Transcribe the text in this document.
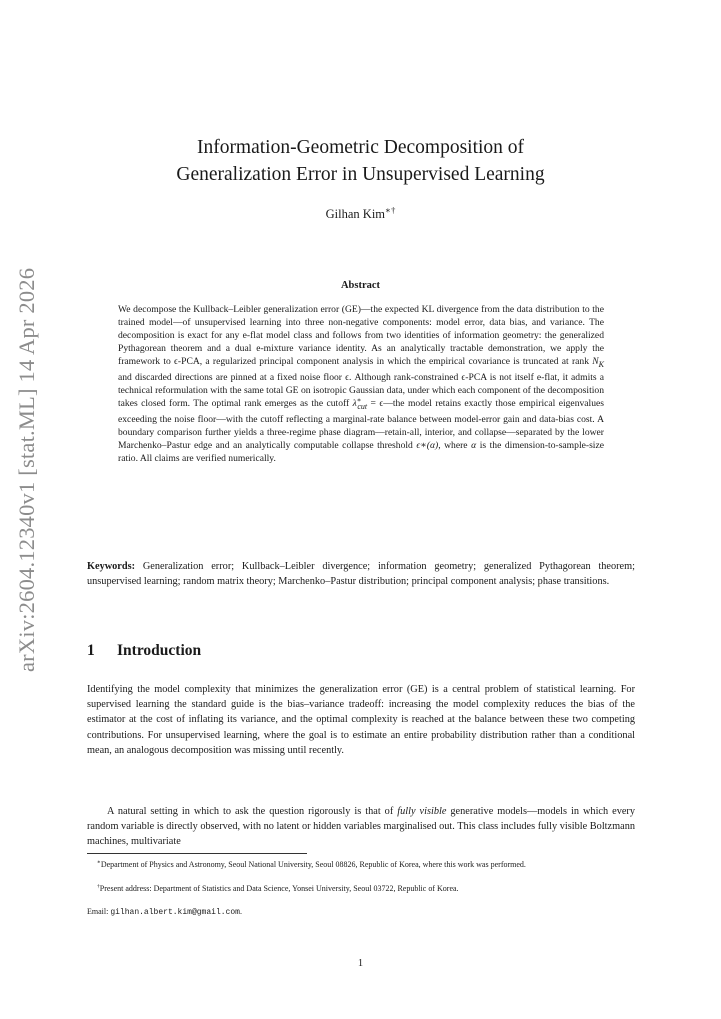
arXiv:2604.12340v1 [stat.ML] 14 Apr 2026
Information-Geometric Decomposition of
Generalization Error in Unsupervised Learning
Gilhan Kim∗†
Abstract
We decompose the Kullback–Leibler generalization error (GE)—the expected KL divergence from the data distribution to the trained model—of unsupervised learning into three non-negative components: model error, data bias, and variance. The decomposition is exact for any e-flat model class and follows from two identities of information geometry: the generalized Pythagorean theorem and a dual e-mixture variance identity. As an analytically tractable demonstration, we apply the framework to ϵ-PCA, a regularized principal component analysis in which the empirical covariance is truncated at rank $N_K$ and discarded directions are pinned at a fixed noise floor ϵ. Although rank-constrained ϵ-PCA is not itself e-flat, it admits a technical reformulation with the same total GE on isotropic Gaussian data, under which each component of the decomposition takes closed form. The optimal rank emerges as the cutoff $\lambda^∗_{cut}$ = ϵ—the model retains exactly those empirical eigenvalues exceeding the noise floor—with the cutoff reflecting a marginal-rate balance between model-error gain and data-bias cost. A boundary comparison further yields a three-regime phase diagram—retain-all, interior, and collapse—separated by the lower Marchenko–Pastur edge and an analytically computable collapse threshold ϵ∗(α), where α is the dimension-to-sample-size ratio. All claims are verified numerically.
Keywords: Generalization error; Kullback–Leibler divergence; information geometry; generalized Pythagorean theorem; unsupervised learning; random matrix theory; Marchenko–Pastur distribution; principal component analysis; phase transitions.
1 Introduction
Identifying the model complexity that minimizes the generalization error (GE) is a central problem of statistical learning. For supervised learning the standard guide is the bias–variance tradeoff: increasing the model complexity reduces the bias of the estimator at the cost of inflating its variance, and the optimal complexity is reached at the balance between these two competing contributions. For unsupervised learning, where the goal is to estimate an entire probability distribution rather than a conditional mean, an analogous decomposition was missing until recently.
A natural setting in which to ask the question rigorously is that of fully visible generative models—models in which every random variable is directly observed, with no latent or hidden variables marginalised out. This class includes fully visible Boltzmann machines, multivariate
∗Department of Physics and Astronomy, Seoul National University, Seoul 08826, Republic of Korea, where this work was performed.
†Present address: Department of Statistics and Data Science, Yonsei University, Seoul 03722, Republic of Korea.
Email: gilhan.albert.kim@gmail.com.
1
